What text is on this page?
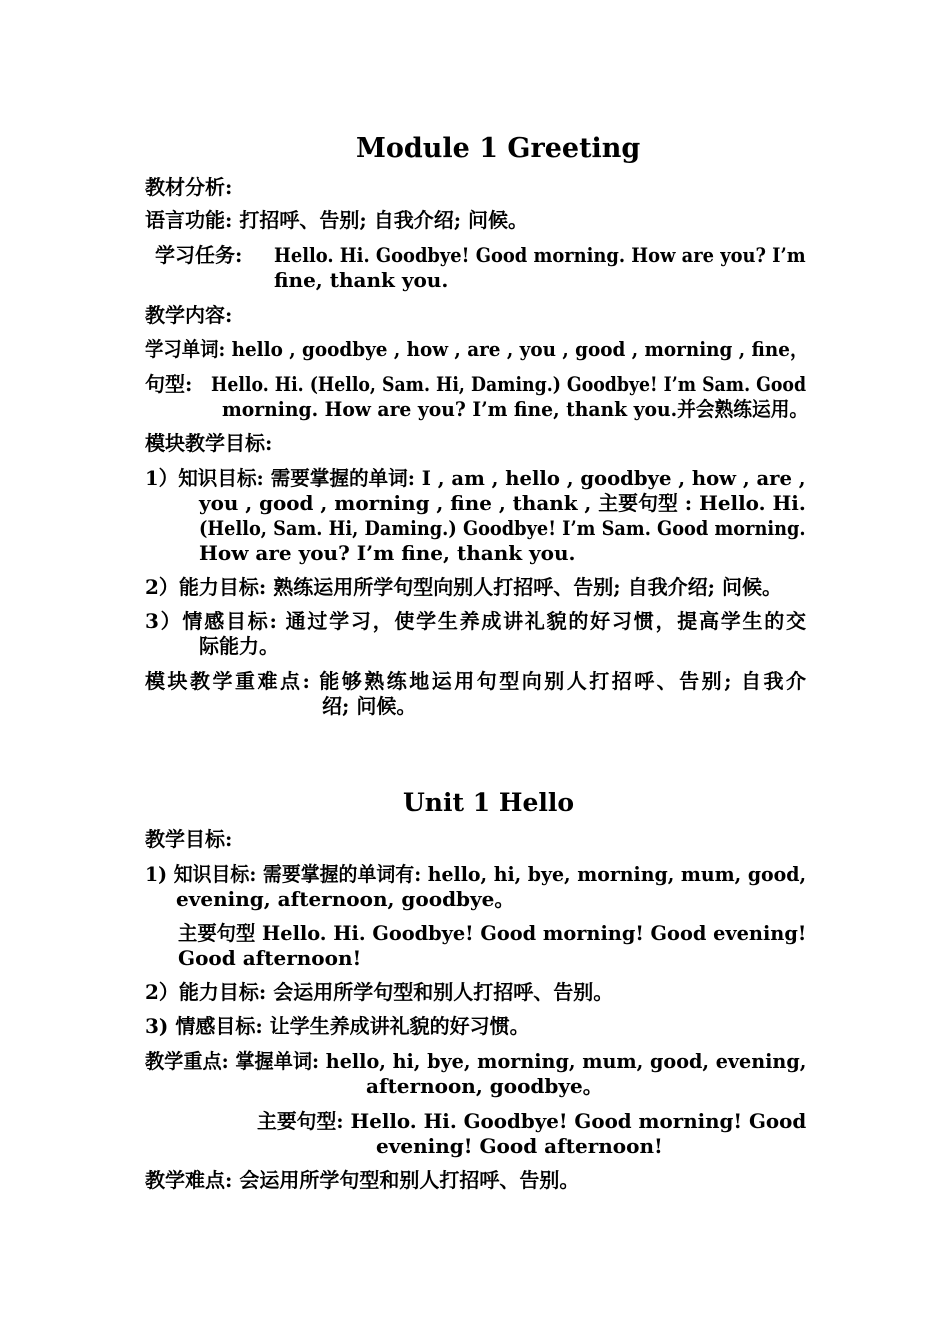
Module 1 Greeting
教材分析:
语言功能: 打招呼、告别; 自我介绍; 问候。
学习任务: Hello. Hi. Goodbye! Good morning. How are you? I’m
fine, thank you.
教学内容:
学习单词: hello , goodbye , how , are , you , good , morning , fine，
句型: Hello. Hi. (Hello, Sam. Hi, Daming.) Goodbye! I’m Sam. Good
morning. How are you? I’m fine, thank you.并会熟练运用。
模块教学目标:
1）知识目标: 需要掌握的单词: I , am , hello , goodbye , how , are ,
you , good , morning , fine , thank , 主要句型 : Hello. Hi.
(Hello, Sam. Hi, Daming.) Goodbye! I’m Sam. Good morning.
How are you? I’m fine, thank you.
2）能力目标: 熟练运用所学句型向别人打招呼、告别; 自我介绍; 问候。
3）情感目标: 通过学习，使学生养成讲礼貌的好习惯，提高学生的交
际能力。
模块教学重难点: 能够熟练地运用句型向别人打招呼、告别; 自我介
绍; 问候。
Unit 1 Hello
教学目标:
1) 知识目标: 需要掌握的单词有: hello, hi, bye, morning, mum, good,
evening, afternoon, goodbye。
主要句型 Hello. Hi. Goodbye! Good morning! Good evening!
Good afternoon!
2）能力目标: 会运用所学句型和别人打招呼、告别。
3) 情感目标: 让学生养成讲礼貌的好习惯。
教学重点: 掌握单词: hello, hi, bye, morning, mum, good, evening,
afternoon, goodbye。
主要句型: Hello. Hi. Goodbye! Good morning! Good
evening! Good afternoon!
教学难点: 会运用所学句型和别人打招呼、告别。
